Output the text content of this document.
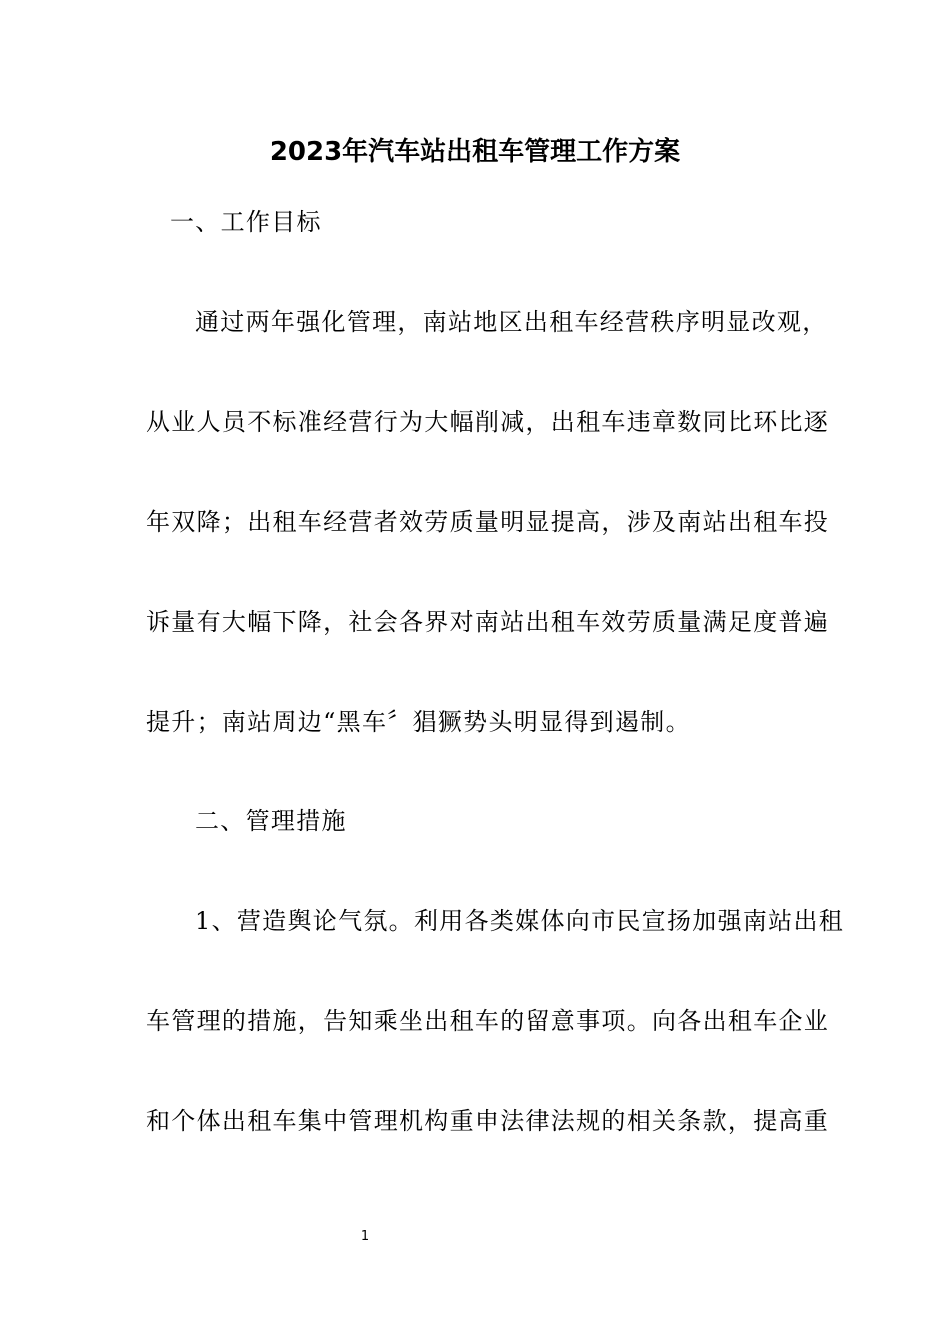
2023年汽车站出租车管理工作方案
一、工作目标
通过两年强化管理，南站地区出租车经营秩序明显改观，
从业人员不标准经营行为大幅削减，出租车违章数同比环比逐
年双降；出租车经营者效劳质量明显提高，涉及南站出租车投
诉量有大幅下降，社会各界对南站出租车效劳质量满足度普遍
提升；南站周边“黑车〞猖獗势头明显得到遏制。
二、管理措施
1、营造舆论气氛。利用各类媒体向市民宣扬加强南站出租
车管理的措施，告知乘坐出租车的留意事项。向各出租车企业
和个体出租车集中管理机构重申法律法规的相关条款，提高重
1
